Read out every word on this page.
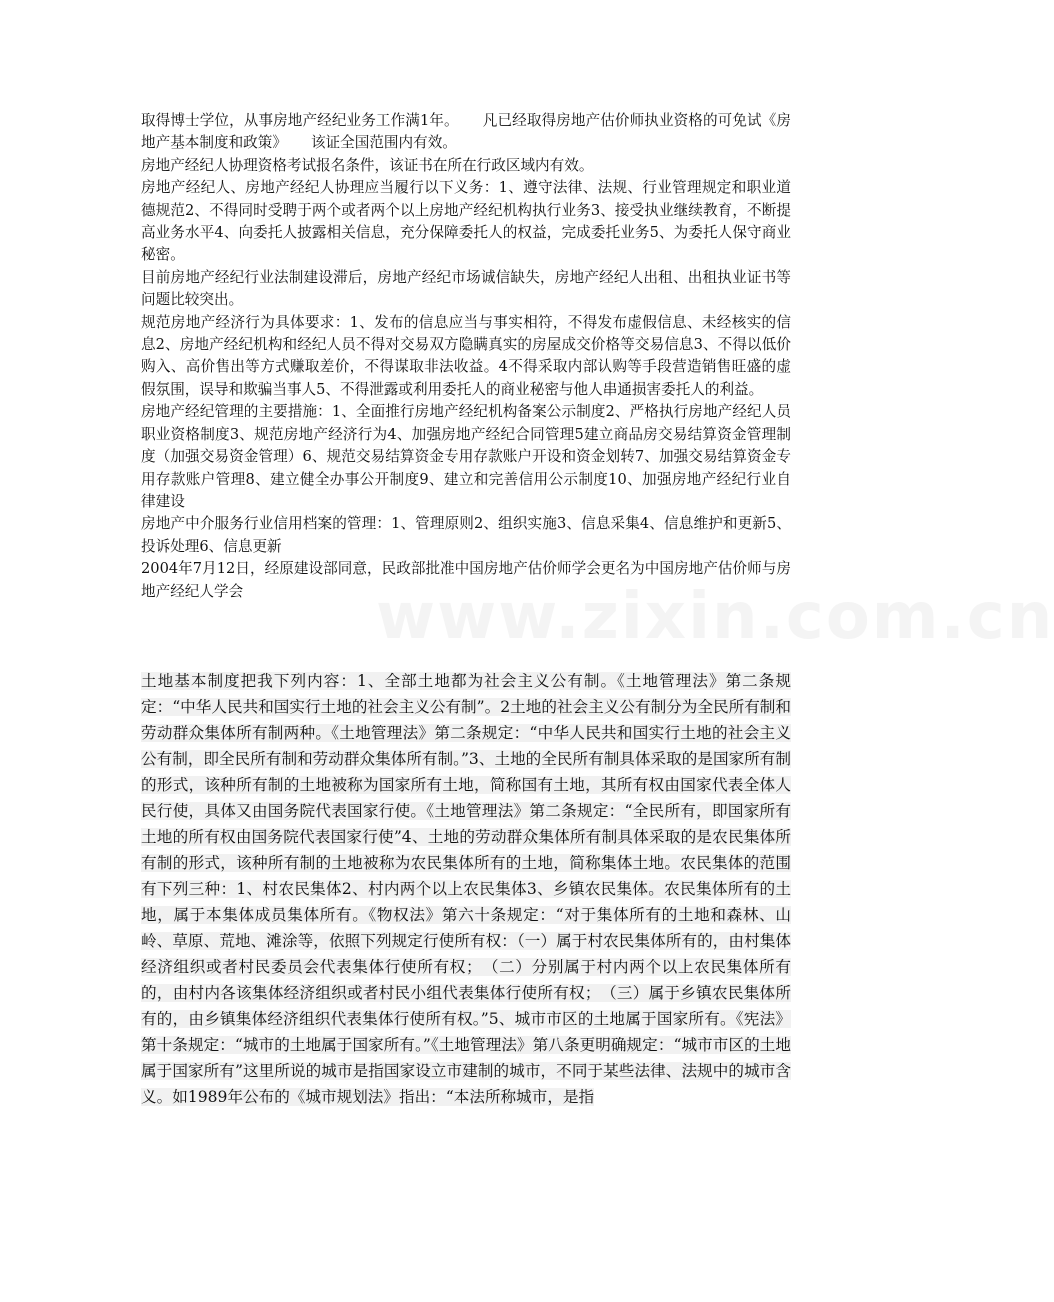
www.zixin.com.cn

取得博士学位，从事房地产经纪业务工作满1年。 凡已经取得房地产估价师执业资格的可免试《房地产基本制度和政策》 该证全国范围内有效。

房地产经纪人协理资格考试报名条件，该证书在所在行政区域内有效。

房地产经纪人、房地产经纪人协理应当履行以下义务：1、遵守法律、法规、行业管理规定和职业道德规范2、不得同时受聘于两个或者两个以上房地产经纪机构执行业务3、接受执业继续教育，不断提高业务水平4、向委托人披露相关信息，充分保障委托人的权益，完成委托业务5、为委托人保守商业秘密。

目前房地产经纪行业法制建设滞后，房地产经纪市场诚信缺失，房地产经纪人出租、出租执业证书等问题比较突出。

规范房地产经济行为具体要求：1、发布的信息应当与事实相符，不得发布虚假信息、未经核实的信息2、房地产经纪机构和经纪人员不得对交易双方隐瞒真实的房屋成交价格等交易信息3、不得以低价购入、高价售出等方式赚取差价，不得谋取非法收益。4不得采取内部认购等手段营造销售旺盛的虚假氛围，误导和欺骗当事人5、不得泄露或利用委托人的商业秘密与他人串通损害委托人的利益。

房地产经纪管理的主要措施：1、全面推行房地产经纪机构备案公示制度2、严格执行房地产经纪人员职业资格制度3、规范房地产经济行为4、加强房地产经纪合同管理5建立商品房交易结算资金管理制度（加强交易资金管理）6、规范交易结算资金专用存款账户开设和资金划转7、加强交易结算资金专用存款账户管理8、建立健全办事公开制度9、建立和完善信用公示制度10、加强房地产经纪行业自律建设

房地产中介服务行业信用档案的管理：1、管理原则2、组织实施3、信息采集4、信息维护和更新5、投诉处理6、信息更新

2004年7月12日，经原建设部同意，民政部批准中国房地产估价师学会更名为中国房地产估价师与房地产经纪人学会

土地基本制度把我下列内容：1、全部土地都为社会主义公有制。《土地管理法》第二条规定：“中华人民共和国实行土地的社会主义公有制”。2土地的社会主义公有制分为全民所有制和劳动群众集体所有制两种。《土地管理法》第二条规定：“中华人民共和国实行土地的社会主义公有制，即全民所有制和劳动群众集体所有制。”3、土地的全民所有制具体采取的是国家所有制的形式，该种所有制的土地被称为国家所有土地，简称国有土地，其所有权由国家代表全体人民行使，具体又由国务院代表国家行使。《土地管理法》第二条规定：“全民所有，即国家所有土地的所有权由国务院代表国家行使”4、土地的劳动群众集体所有制具体采取的是农民集体所有制的形式，该种所有制的土地被称为农民集体所有的土地，简称集体土地。农民集体的范围有下列三种：1、村农民集体2、村内两个以上农民集体3、乡镇农民集体。农民集体所有的土地，属于本集体成员集体所有。《物权法》第六十条规定：“对于集体所有的土地和森林、山岭、草原、荒地、滩涂等，依照下列规定行使所有权：（一）属于村农民集体所有的，由村集体经济组织或者村民委员会代表集体行使所有权；　（二）分别属于村内两个以上农民集体所有的，由村内各该集体经济组织或者村民小组代表集体行使所有权；　（三）属于乡镇农民集体所有的，由乡镇集体经济组织代表集体行使所有权。”5、城市市区的土地属于国家所有。《宪法》第十条规定：“城市的土地属于国家所有。”《土地管理法》第八条更明确规定：“城市市区的土地属于国家所有”这里所说的城市是指国家设立市建制的城市，不同于某些法律、法规中的城市含义。如1989年公布的《城市规划法》指出：“本法所称城市，是指
